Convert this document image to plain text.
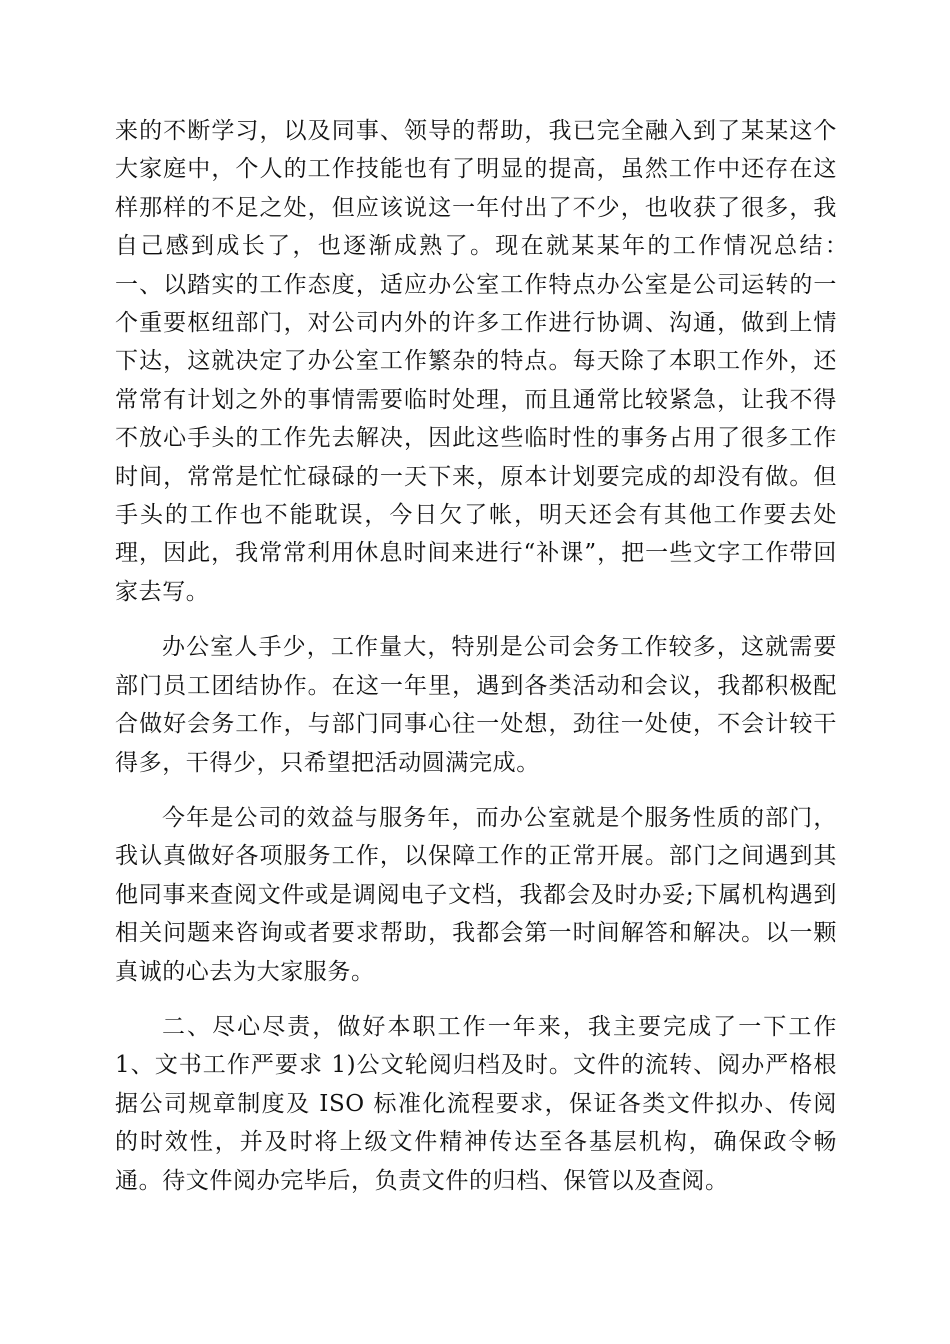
来的不断学习，以及同事、领导的帮助，我已完全融入到了某某这个大家庭中，个人的工作技能也有了明显的提高，虽然工作中还存在这样那样的不足之处，但应该说这一年付出了不少，也收获了很多，我自己感到成长了，也逐渐成熟了。现在就某某年的工作情况总结：　一、以踏实的工作态度，适应办公室工作特点办公室是公司运转的一个重要枢纽部门，对公司内外的许多工作进行协调、沟通，做到上情下达，这就决定了办公室工作繁杂的特点。每天除了本职工作外，还常常有计划之外的事情需要临时处理，而且通常比较紧急，让我不得不放心手头的工作先去解决，因此这些临时性的事务占用了很多工作时间，常常是忙忙碌碌的一天下来，原本计划要完成的却没有做。但手头的工作也不能耽误，今日欠了帐，明天还会有其他工作要去处理，因此，我常常利用休息时间来进行“补课”，把一些文字工作带回家去写。

办公室人手少，工作量大，特别是公司会务工作较多，这就需要部门员工团结协作。在这一年里，遇到各类活动和会议，我都积极配合做好会务工作，与部门同事心往一处想，劲往一处使，不会计较干得多，干得少，只希望把活动圆满完成。

今年是公司的效益与服务年，而办公室就是个服务性质的部门，我认真做好各项服务工作，以保障工作的正常开展。部门之间遇到其他同事来查阅文件或是调阅电子文档，我都会及时办妥;下属机构遇到相关问题来咨询或者要求帮助，我都会第一时间解答和解决。以一颗真诚的心去为大家服务。

二、尽心尽责，做好本职工作一年来，我主要完成了一下工作 1、文书工作严要求 1)公文轮阅归档及时。文件的流转、阅办严格根据公司规章制度及 ISO 标准化流程要求，保证各类文件拟办、传阅的时效性，并及时将上级文件精神传达至各基层机构，确保政令畅通。待文件阅办完毕后，负责文件的归档、保管以及查阅。
